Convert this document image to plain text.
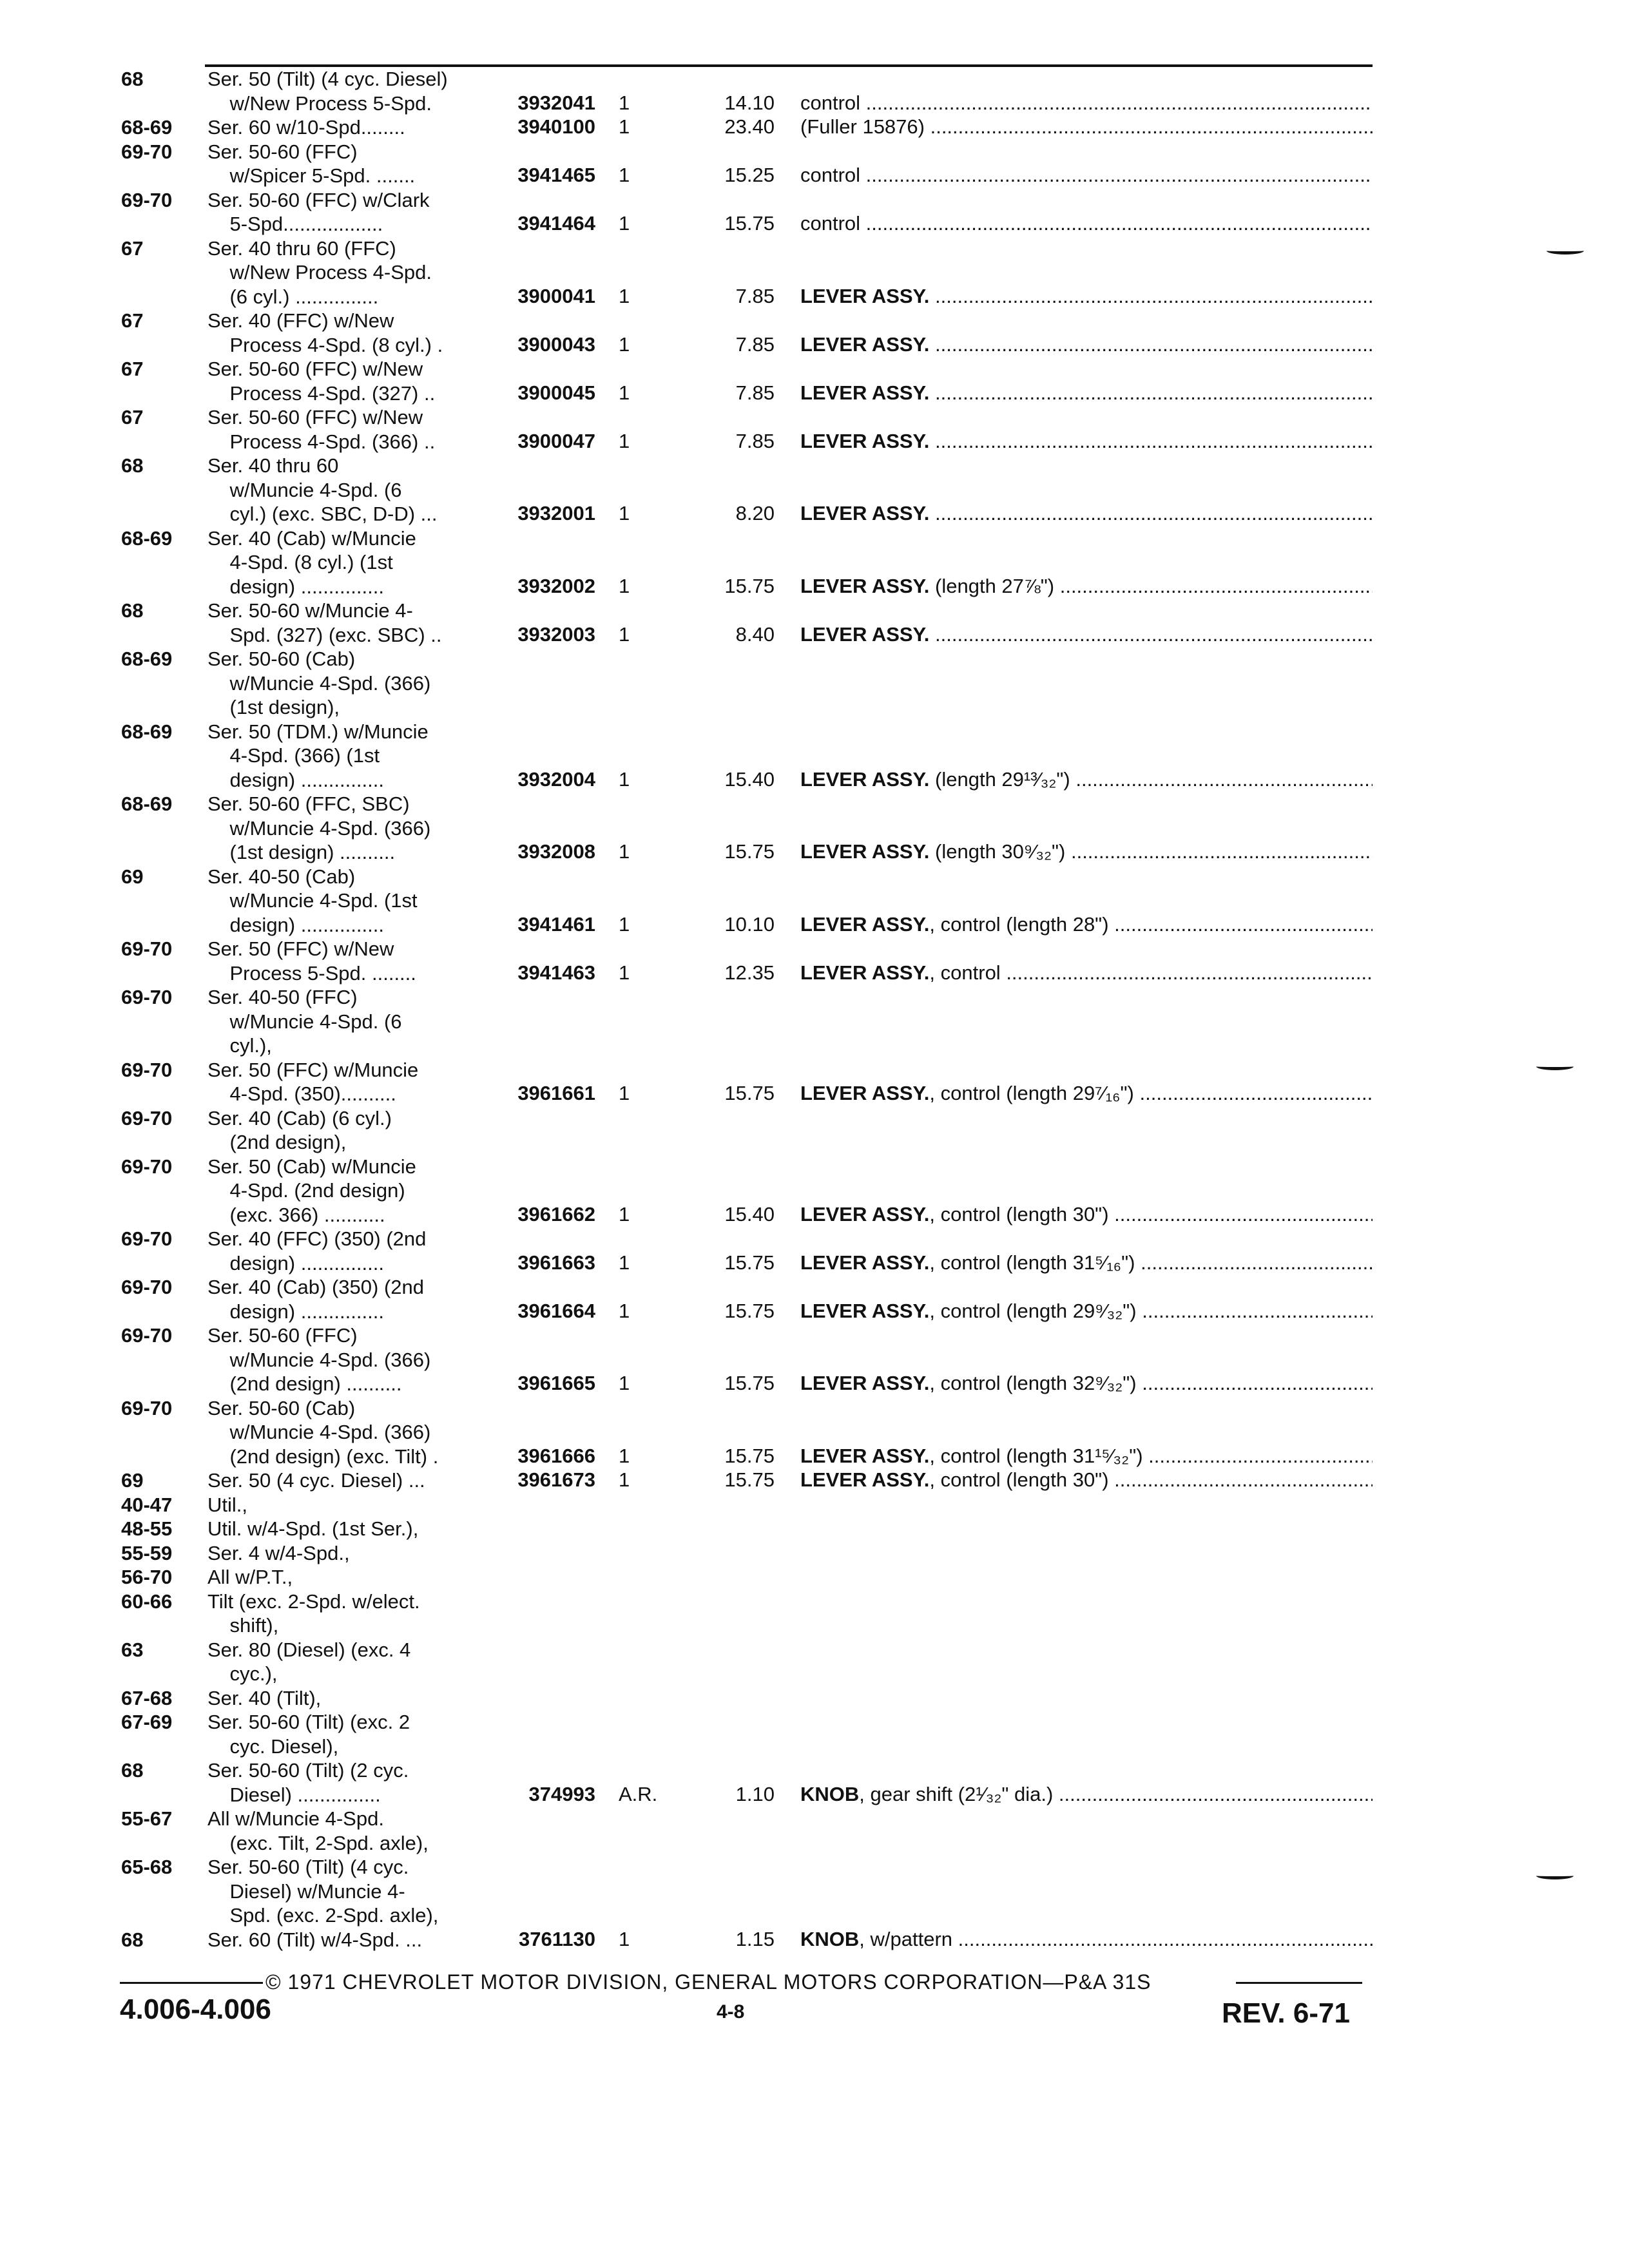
68	Ser. 50 (Tilt) (4 cyc. Diesel)
w/New Process 5-Spd.	3932041 1	14.10 control .....
68-69 Ser. 60 w/10-Spd........	3940100 1	23.40 (Fuller 15876) .....
69-70 Ser. 50-60 (FFC)
w/Spicer 5-Spd. .......	3941465 1	15.25 control .....
69-70 Ser. 50-60 (FFC) w/Clark
5-Spd..................	3941464 1	15.75 control .....
67	Ser. 40 thru 60 (FFC)
w/New Process 4-Spd.
(6 cyl.) ...............	3900041 1	7.85 LEVER ASSY. .....
67	Ser. 40 (FFC) w/New
Process 4-Spd. (8 cyl.) .	3900043 1	7.85 LEVER ASSY. .....
67	Ser. 50-60 (FFC) w/New
Process 4-Spd. (327) ..	3900045 1	7.85 LEVER ASSY. .....
67	Ser. 50-60 (FFC) w/New
Process 4-Spd. (366) ..	3900047 1	7.85 LEVER ASSY. .....
68	Ser. 40 thru 60
w/Muncie 4-Spd. (6
cyl.) (exc. SBC, D-D) ...	3932001 1	8.20 LEVER ASSY. .....
68-69 Ser. 40 (Cab) w/Muncie
4-Spd. (8 cyl.) (1st
design) ...............	3932002 1	15.75 LEVER ASSY. (length 27⅞") .....
68	Ser. 50-60 w/Muncie 4-
Spd. (327) (exc. SBC) ..	3932003 1	8.40 LEVER ASSY. .....
68-69 Ser. 50-60 (Cab)
w/Muncie 4-Spd. (366)
(1st design),
68-69 Ser. 50 (TDM.) w/Muncie
4-Spd. (366) (1st
design) ...............	3932004 1	15.40 LEVER ASSY. (length 29¹³⁄₃₂") .....
68-69 Ser. 50-60 (FFC, SBC)
w/Muncie 4-Spd. (366)
(1st design) ..........	3932008 1	15.75 LEVER ASSY. (length 30⁹⁄₃₂") .....
69	Ser. 40-50 (Cab)
w/Muncie 4-Spd. (1st
design) ...............	3941461 1	10.10 LEVER ASSY., control (length 28") .....
69-70 Ser. 50 (FFC) w/New
Process 5-Spd. ........	3941463 1	12.35 LEVER ASSY., control .....
69-70 Ser. 40-50 (FFC)
w/Muncie 4-Spd. (6
cyl.),
69-70 Ser. 50 (FFC) w/Muncie
4-Spd. (350)..........	3961661 1	15.75 LEVER ASSY., control (length 29⁷⁄₁₆") .....
69-70 Ser. 40 (Cab) (6 cyl.)
(2nd design),
69-70 Ser. 50 (Cab) w/Muncie
4-Spd. (2nd design)
(exc. 366) ...........	3961662 1	15.40 LEVER ASSY., control (length 30") .....
69-70 Ser. 40 (FFC) (350) (2nd
design) ...............	3961663 1	15.75 LEVER ASSY., control (length 31⁵⁄₁₆") .....
69-70 Ser. 40 (Cab) (350) (2nd
design) ...............	3961664 1	15.75 LEVER ASSY., control (length 29⁹⁄₃₂") .....
69-70 Ser. 50-60 (FFC)
w/Muncie 4-Spd. (366)
(2nd design) ..........	3961665 1	15.75 LEVER ASSY., control (length 32⁹⁄₃₂") .....
69-70 Ser. 50-60 (Cab)
w/Muncie 4-Spd. (366)
(2nd design) (exc. Tilt) .	3961666 1	15.75 LEVER ASSY., control (length 31¹⁵⁄₃₂") .....
69	Ser. 50 (4 cyc. Diesel) ...	3961673 1	15.75 LEVER ASSY., control (length 30") .....
40-47 Util.,
48-55 Util. w/4-Spd. (1st Ser.),
55-59 Ser. 4 w/4-Spd.,
56-70 All w/P.T.,
60-66 Tilt (exc. 2-Spd. w/elect.
shift),
63	Ser. 80 (Diesel) (exc. 4
cyc.),
67-68 Ser. 40 (Tilt),
67-69 Ser. 50-60 (Tilt) (exc. 2
cyc. Diesel),
68	Ser. 50-60 (Tilt) (2 cyc.
Diesel) ...............	374993 A.R.	1.10 KNOB, gear shift (2¹⁄₃₂" dia.) .....
55-67 All w/Muncie 4-Spd.
(exc. Tilt, 2-Spd. axle),
65-68 Ser. 50-60 (Tilt) (4 cyc.
Diesel) w/Muncie 4-
Spd. (exc. 2-Spd. axle),
68	Ser. 60 (Tilt) w/4-Spd. ...	3761130 1	1.15 KNOB, w/pattern .....
© 1971 CHEVROLET MOTOR DIVISION, GENERAL MOTORS CORPORATION—P&A 31S
4.006-4.006	4-8	REV. 6-71
